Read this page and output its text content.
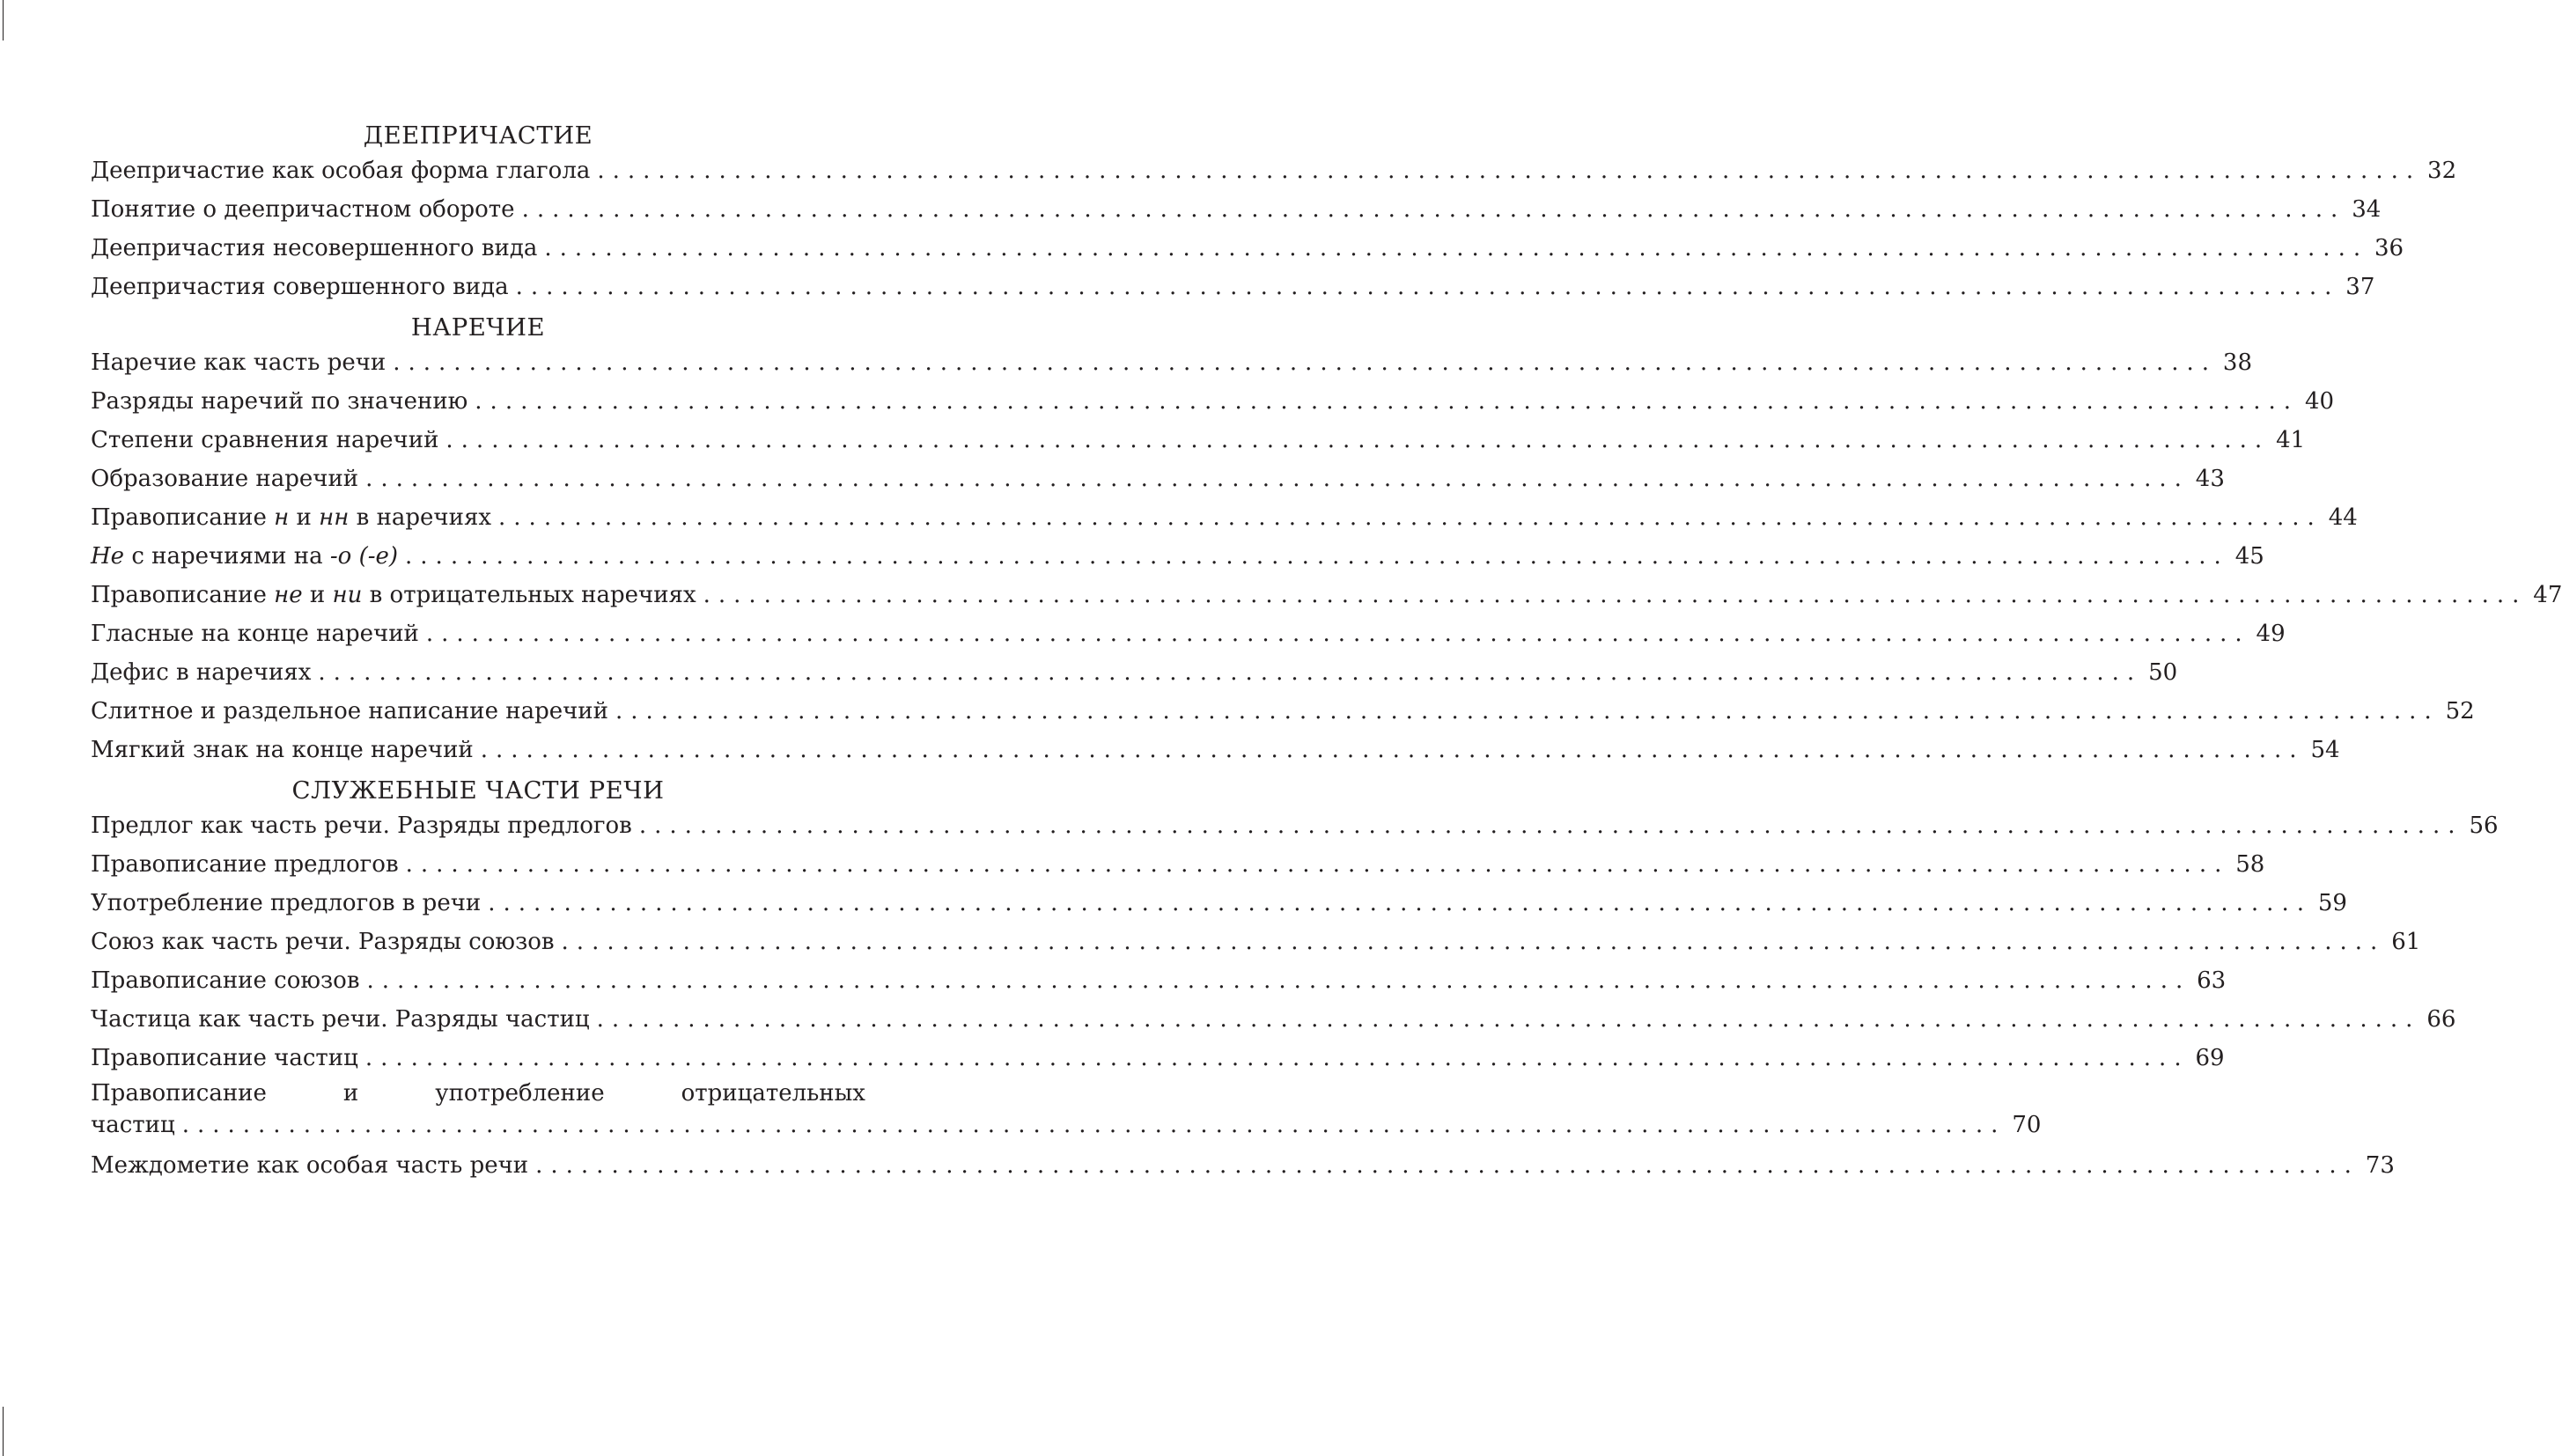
ДЕЕПРИЧАСТИЕ
Деепричастие как особая форма глагола ........................................................................................................................ 32
Понятие о деепричастном обороте ........................................................................................................................ 34
Деепричастия несовершенного вида ........................................................................................................................ 36
Деепричастия совершенного вида ........................................................................................................................ 37
НАРЕЧИЕ
Наречие как часть речи ........................................................................................................................ 38
Разряды наречий по значению ........................................................................................................................ 40
Степени сравнения наречий ........................................................................................................................ 41
Образование наречий ........................................................................................................................ 43
Правописание н и нн в наречиях ........................................................................................................................ 44
Не с наречиями на -о (-е) ........................................................................................................................ 45
Правописание не и ни в отрицательных наречиях ........................................................................................................................ 47
Гласные на конце наречий ........................................................................................................................ 49
Дефис в наречиях ........................................................................................................................ 50
Слитное и раздельное написание наречий ........................................................................................................................ 52
Мягкий знак на конце наречий ........................................................................................................................ 54
СЛУЖЕБНЫЕ ЧАСТИ РЕЧИ
Предлог как часть речи. Разряды предлогов ........................................................................................................................ 56
Правописание предлогов ........................................................................................................................ 58
Употребление предлогов в речи ........................................................................................................................ 59
Союз как часть речи. Разряды союзов ........................................................................................................................ 61
Правописание союзов ........................................................................................................................ 63
Частица как часть речи. Разряды частиц ........................................................................................................................ 66
Правописание частиц ........................................................................................................................ 69
Правописание	и	употребление	отрицательных
частиц ........................................................................................................................ 70
Междометие как особая часть речи ........................................................................................................................ 73
